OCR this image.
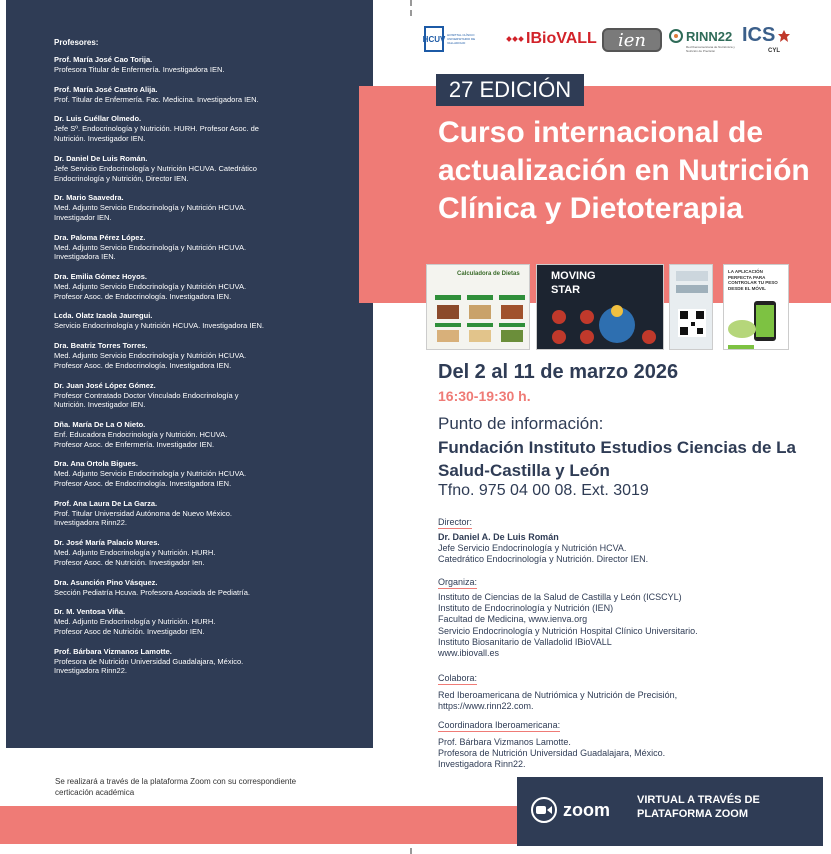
Profesores:
Prof. María José Cao Torija.
Profesora Titular de Enfermería. Investigadora IEN.
Prof. María José Castro Alija.
Prof. Titular de Enfermería. Fac. Medicina. Investigadora IEN.
Dr. Luis Cuéllar Olmedo.
Jefe Sº. Endocrinología y Nutrición. HURH. Profesor Asoc. de
Nutrición. Investigador IEN.
Dr. Daniel De Luis Román.
Jefe Servicio Endocrinología y Nutrición HCUVA. Catedrático
Endocrinología y Nutrición, Director IEN.
Dr. Mario Saavedra.
Med. Adjunto Servicio Endocrinología y Nutrición HCUVA.
Investigador IEN.
Dra. Paloma Pérez López.
Med. Adjunto Servicio Endocrinología y Nutrición HCUVA.
Investigadora IEN.
Dra. Emilia Gómez Hoyos.
Med. Adjunto Servicio Endocrinología y Nutrición HCUVA.
Profesor Asoc. de Endocrinología. Investigadora IEN.
Lcda. Olatz Izaola Jauregui.
Servicio Endocrinología y Nutrición HCUVA. Investigadora IEN.
Dra. Beatriz Torres Torres.
Med. Adjunto Servicio Endocrinología y Nutrición HCUVA.
Profesor Asoc. de Endocrinología. Investigadora IEN.
Dr. Juan José López Gómez.
Profesor Contratado Doctor Vinculado Endocrinología y
Nutrición. Investigador IEN.
Dña. María De La O Nieto.
Enf. Educadora Endocrinología y Nutrición. HCUVA.
Profesor Asoc. de Enfermería. Investigador IEN.
Dra. Ana Ortola Bigues.
Med. Adjunto Servicio Endocrinología y Nutrición HCUVA.
Profesor Asoc. de Endocrinología. Investigadora IEN.
Prof. Ana Laura De La Garza.
Prof. Titular Universidad Autónoma de Nuevo México.
Investigadora Rinn22.
Dr. José María Palacio Mures.
Med. Adjunto Endocrinología y Nutrición. HURH.
Profesor Asoc. de Nutrición. Investigador Ien.
Dra. Asunción Pino Vásquez.
Sección Pediatría Hcuva. Profesora Asociada de Pediatría.
Dr. M. Ventosa Viña.
Med. Adjunto Endocrinología y Nutrición. HURH.
Profesor Asoc de Nutrición. Investigador IEN.
Prof. Bárbara Vizmanos Lamotte.
Profesora de Nutrición Universidad Guadalajara, México.
Investigadora Rinn22.
Se realizará a través de la plataforma Zoom con su correspondiente certicación académica
HCUV HOSPITAL CLÍNICO UNIVERSITARIO DE VALLADOLID	IBioVALL	ien	RINN22
Red Iberoamericana de Nutriómica y Nutrición de Precisión
ICS
CYL
27 EDICIÓN
Curso internacional de actualización en Nutrición Clínica y Dietoterapia
Calculadora de Dietas	MOVING STAR
LA APLICACIÓN PERFECTA PARA CONTROLAR TU PESO DESDE EL MÓVIL
Del 2 al 11 de marzo 2026
16:30-19:30 h.
Punto de información:
Fundación Instituto Estudios Ciencias de La Salud-Castilla y León
Tfno. 975 04 00 08. Ext. 3019
Director:
Dr. Daniel A. De Luis Román
Jefe Servicio Endocrinología y Nutrición HCVA.
Catedrático Endocrinología y Nutrición. Director IEN.
Organiza:
Instituto de Ciencias de la Salud de Castilla y León (ICSCYL)
Instituto de Endocrinología y Nutrición (IEN)
Facultad de Medicina, www.ienva.org
Servicio Endocrinología y Nutrición Hospital Clínico Universitario.
Instituto Biosanitario de Valladolid IBioVALL
www.ibiovall.es
Colabora:
Red Iberoamericana de Nutriómica y Nutrición de Precisión,
https://www.rinn22.com.
Coordinadora Iberoamericana:
Prof. Bárbara Vizmanos Lamotte.
Profesora de Nutrición Universidad Guadalajara, México.
Investigadora Rinn22.
zoom VIRTUAL A TRAVÉS DE PLATAFORMA ZOOM
